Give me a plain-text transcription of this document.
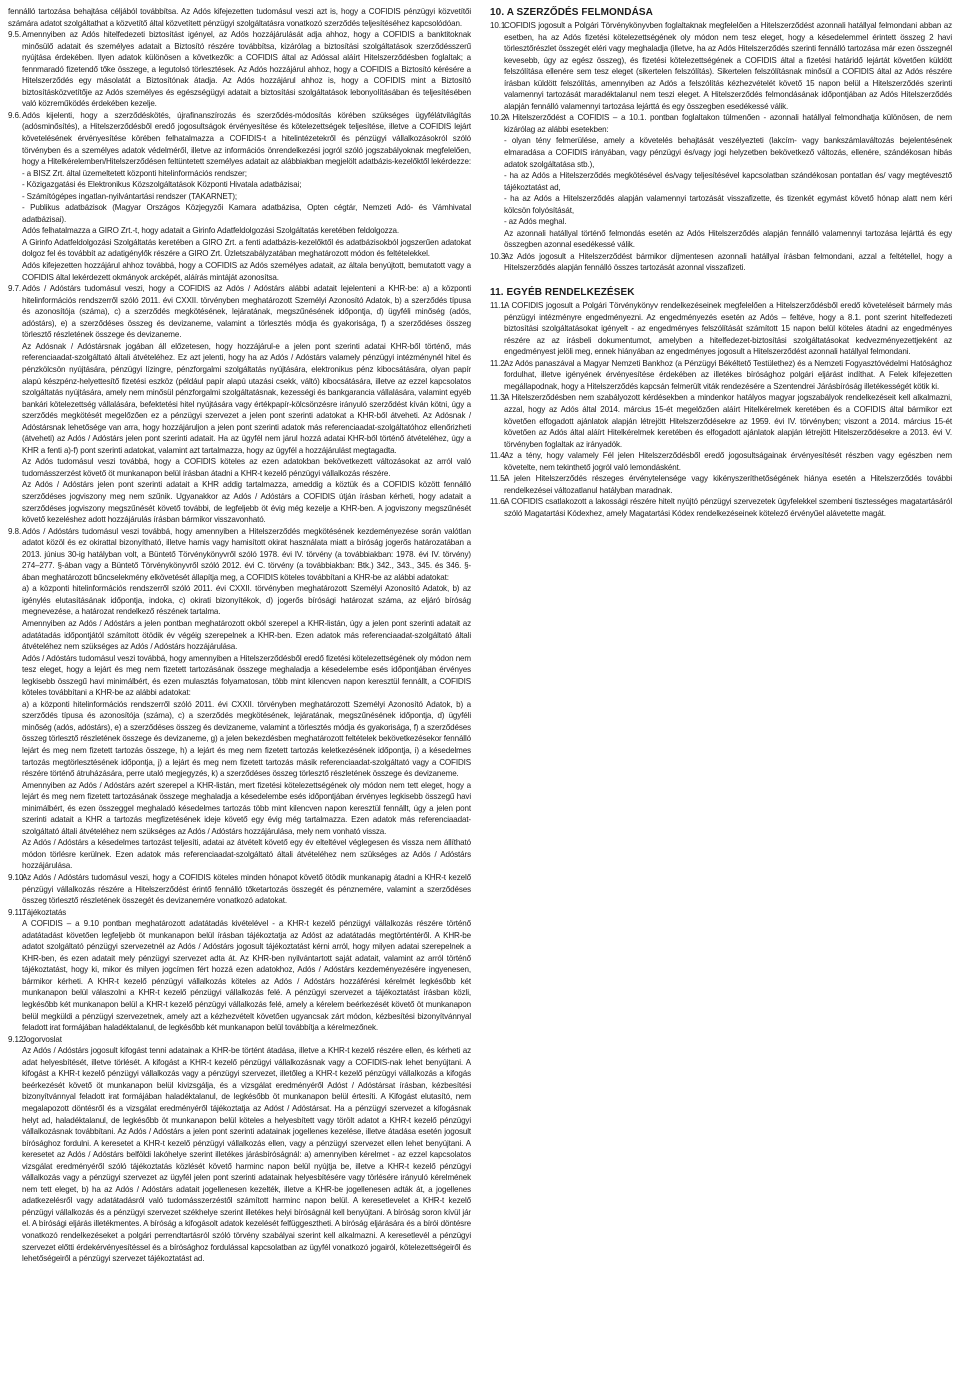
fennálló tartozása behajtása céljából továbbítsa. Az Adós kifejezetten tudomásul veszi azt is, hogy a COFIDIS pénzügyi közvetítői számára adatot szolgáltathat a közvetítő által közvetített pénzügyi szolgáltatásra vonatkozó szerződés teljesítéséhez kapcsolódóan.

9.5. Amennyiben az Adós hitelfedezeti biztosítást igényel, az Adós hozzájárulását adja ahhoz, hogy a COFIDIS a banktitoknak minősülő adatait és személyes adatait a Biztosító részére továbbítsa, kizárólag a biztosítási szolgáltatások szerződésszerű nyújtása érdekében. Ilyen adatok különösen a következők: a COFIDIS által az Adóssal aláírt Hitelszerződésben foglaltak; a fennmaradó fizetendő tőke összege, a legutolsó törlesztések. Az Adós hozzájárul ahhoz, hogy a COFIDIS a Biztosító kérésére a Hitelszerződés egy másolatát a Biztosítónak átadja. Az Adós hozzájárul ahhoz is, hogy a COFIDIS mint a Biztosító biztosításközvetítője az Adós személyes és egészségügyi adatait a biztosítási szolgáltatások lebonyolításában és teljesítésében való közreműködés érdekében kezelje.

9.6. Adós kijelenti, hogy a szerződéskötés, újrafinanszírozás és szerződés-módosítás körében szükséges ügyfélátvilágítás (adósminősítés), a Hitelszerződésből eredő jogosultságok érvényesítése és kötelezettségek teljesítése, illetve a COFIDIS lejárt követelésének érvényesítése körében felhatalmazza a COFIDIS-t a hitelintézetekről és pénzügyi vállalkozásokról szóló törvényben és a személyes adatok védelméről, illetve az információs önrendelkezési jogról szóló jogszabályoknak megfelelően, hogy a Hitelkérelemben/Hitelszerződésen feltüntetett személyes adatait az alábbiakban megjelölt adatbázis-kezelőktől lekérdezze:

- a BISZ Zrt. által üzemeltetett központi hitelinformációs rendszer;

- Közigazgatási és Elektronikus Közszolgáltatások Központi Hivatala adatbázisai;

- Számítógépes ingatlan-nyilvántartási rendszer (TAKARNET);

- Publikus adatbázisok (Magyar Országos Közjegyzői Kamara adatbázisa, Opten cégtár, Nemzeti Adó- és Vámhivatal adatbázisai).

Adós felhatalmazza a GIRO Zrt.-t, hogy adatait a Girinfo Adatfeldolgozási Szolgáltatás keretében feldolgozza.

A Girinfo Adatfeldolgozási Szolgáltatás keretében a GIRO Zrt. a fenti adatbázis-kezelőktől és adatbázisokból jogszerűen adatokat dolgoz fel és továbbít az adatigénylők részére a GIRO Zrt. Üzletszabályzatában meghatározott módon és feltételekkel.

Adós kifejezetten hozzájárul ahhoz továbbá, hogy a COFIDIS az Adós személyes adatait, az általa benyújtott, bemutatott vagy a COFIDIS által lekérdezett okmányok arcképét, aláírás mintáját azonosítsa.

9.7. Adós / Adóstárs tudomásul veszi, hogy a COFIDIS az Adós / Adóstárs alábbi adatait lejelenteni a KHR-be: a) a központi hitelinformációs rendszerről szóló 2011. évi CXXII. törvényben meghatározott Személyi Azonosító Adatok, b) a szerződés típusa és azonosítója (száma), c) a szerződés megkötésének, lejáratának, megszűnésének időpontja, d) ügyféli minőség (adós, adóstárs), e) a szerződéses összeg és devizaneme, valamint a törlesztés módja és gyakorisága, f) a szerződéses összeg törlesztő részletének összege és devizaneme.

Az Adósnak / Adóstársnak jogában áll előzetesen, hogy hozzájárul-e a jelen pont szerinti adatai KHR-ből történő, más referenciaadat-szolgáltató általi átvételéhez. Ez azt jelenti, hogy ha az Adós / Adóstárs valamely pénzügyi intézménynél hitel és pénzkölcsön nyújtására, pénzügyi lízingre, pénzforgalmi szolgáltatás nyújtására, elektronikus pénz kibocsátására, olyan papír alapú készpénz-helyettesítő fizetési eszköz (például papír alapú utazási csekk, váltó) kibocsátására, illetve az ezzel kapcsolatos szolgáltatás nyújtására, amely nem minősül pénzforgalmi szolgáltatásnak, kezességi és bankgarancia vállalására, valamint egyéb bankári kötelezettség vállalására, befektetési hitel nyújtására vagy értékpapír-kölcsönzésre irányuló szerződést kíván kötni, úgy a szerződés megkötését megelőzően ez a pénzügyi szervezet a jelen pont szerinti adatokat a KHR-ből átveheti. Az Adósnak / Adóstársnak lehetősége van arra, hogy hozzájáruljon a jelen pont szerinti adatok más referenciaadat-szolgáltatóhoz ellenőrizheti (átveheti) az Adós / Adóstárs jelen pont szerinti adatait. Ha az ügyfél nem járul hozzá adatai KHR-ből történő átvételéhez, úgy a KHR a fenti a)-f) pont szerinti adatokat, valamint azt tartalmazza, hogy az ügyfél a hozzájárulást megtagadta.

Az Adós tudomásul veszi továbbá, hogy a COFIDIS köteles az ezen adatokban bekövetkezett változásokat az arról való tudomásszerzést követő öt munkanapon belül írásban átadni a KHR-t kezelő pénzügyi vállalkozás részére.

Az Adós / Adóstárs jelen pont szerinti adatait a KHR addig tartalmazza, ameddig a köztük és a COFIDIS között fennálló szerződéses jogviszony meg nem szűnik. Ugyanakkor az Adós / Adóstárs a COFIDIS útján írásban kérheti, hogy adatait a szerződéses jogviszony megszűnését követő további, de legfeljebb öt évig még kezelje a KHR-ben. A jogviszony megszűnését követő kezeléshez adott hozzájárulás írásban bármikor visszavonható.

9.8. Adós / Adóstárs tudomásul veszi továbbá, hogy amennyiben a Hitelszerződés megkötésének kezdeményezése során valótlan adatot közöl és ez okirattal bizonyítható, illetve hamis vagy hamisított okirat használata miatt a bíróság jogerős határozatában a 2013. június 30-ig hatályban volt, a Büntető Törvénykönyvről szóló 1978. évi IV. törvény (a továbbiakban: 1978. évi IV. törvény) 274–277. §-ában vagy a Büntető Törvénykönyvről szóló 2012. évi C. törvény (a továbbiakban: Btk.) 342., 343., 345. és 346. §-ában meghatározott bűncselekmény elkövetését állapítja meg, a COFIDIS köteles továbbítani a KHR-be az alábbi adatokat:

a) a központi hitelinformációs rendszerről szóló 2011. évi CXXII. törvényben meghatározott Személyi Azonosító Adatok, b) az igénylés elutasításának időpontja, indoka, c) okirati bizonyítékok, d) jogerős bírósági határozat száma, az eljáró bíróság megnevezése, a határozat rendelkező részének tartalma.

Amennyiben az Adós / Adóstárs a jelen pontban meghatározott okból szerepel a KHR-listán, úgy a jelen pont szerinti adatait az adatátadás időpontjától számított ötödik év végéig szerepelnek a KHR-ben. Ezen adatok más referenciaadat-szolgáltató általi átvételéhez nem szükséges az Adós / Adóstárs hozzájárulása.

Adós / Adóstárs tudomásul veszi továbbá, hogy amennyiben a Hitelszerződésből eredő fizetési kötelezettségének oly módon nem tesz eleget, hogy a lejárt és meg nem fizetett tartozásának összege meghaladja a késedelembe esés időpontjában érvényes legkisebb összegű havi minimálbért, és ezen mulasztás folyamatosan, több mint kilencven napon keresztül fennállt, a COFIDIS köteles továbbítani a KHR-be az alábbi adatokat:

a) a központi hitelinformációs rendszerről szóló 2011. évi CXXII. törvényben meghatározott Személyi Azonosító Adatok, b) a szerződés típusa és azonosítója (száma), c) a szerződés megkötésének, lejáratának, megszűnésének időpontja, d) ügyféli minőség (adós, adóstárs), e) a szerződéses összeg és devizaneme, valamint a törlesztés módja és gyakorisága, f) a szerződéses összeg törlesztő részletének összege és devizaneme, g) a jelen bekezdésben meghatározott feltételek bekövetkezésekor fennálló lejárt és meg nem fizetett tartozás összege, h) a lejárt és meg nem fizetett tartozás keletkezésének időpontja, i) a késedelmes tartozás megtörlesztésének időpontja, j) a lejárt és meg nem fizetett tartozás másik referenciaadat-szolgáltató vagy a COFIDIS részére történő átruházására, perre utaló megjegyzés, k) a szerződéses összeg törlesztő részletének összege és devizaneme.

Amennyiben az Adós / Adóstárs azért szerepel a KHR-listán, mert fizetési kötelezettségének oly módon nem tett eleget, hogy a lejárt és meg nem fizetett tartozásának összege meghaladja a késedelembe esés időpontjában érvényes legkisebb összegű havi minimálbért, és ezen összeggel meghaladó késedelmes tartozás több mint kilencven napon keresztül fennállt, úgy a jelen pont szerinti adatait a KHR a tartozás megfizetésének ideje követő egy évig még tartalmazza. Ezen adatok más referenciaadat-szolgáltató általi átvételéhez nem szükséges az Adós / Adóstárs hozzájárulása, mely nem vonható vissza.

Az Adós / Adóstárs a késedelmes tartozást teljesíti, adatai az átvételt követő egy év elteltével véglegesen és vissza nem állítható módon törlésre kerülnek. Ezen adatok más referenciaadat-szolgáltató általi átvételéhez nem szükséges az Adós / Adóstárs hozzájárulása.

9.10.

Az Adós / Adóstárs tudomásul veszi, hogy a COFIDIS köteles minden hónapot követő ötödik munkanapig átadni a KHR-t kezelő pénzügyi vállalkozás részére a Hitelszerződést érintő fennálló tőketartozás összegét és pénznemére, valamint a szerződéses összeg törlesztő részletének összegét és devizanemére vonatkozó adatokat.

9.11.

Tájékoztatás

A COFIDIS – a 9.10 pontban meghatározott adatátadás kivételével - a KHR-t kezelő pénzügyi vállalkozás részére történő adatátadást követően legfeljebb öt munkanapon belül írásban tájékoztatja az Adóst az adatátadás megtörténtéről. A KHR-be adatot szolgáltató pénzügyi szervezetnél az Adós / Adóstárs jogosult tájékoztatást kérni arról, hogy milyen adatai szerepelnek a KHR-ben, és ezen adatait mely pénzügyi szervezet adta át. Az KHR-ben nyilvántartott saját adatait, valamint az arról történő tájékoztatást, hogy ki, mikor és milyen jogcímen fért hozzá ezen adatokhoz, Adós / Adóstárs kezdeményezésére ingyenesen, bármikor kérheti. A KHR-t kezelő pénzügyi vállalkozás köteles az Adós / Adóstárs hozzáférési kérelmét legkésőbb két munkanapon belül válaszolni a KHR-t kezelő pénzügyi vállalkozás felé. A pénzügyi szervezet a tájékoztatást írásban közli, legkésőbb két munkanapon belül a KHR-t kezelő pénzügyi vállalkozás felé, amely a kérelem beérkezését követő öt munkanapon belül megküldi a pénzügyi szervezetnek, amely azt a kézhezvételt követően ugyancsak zárt módon, kézbesítési bizonyítvánnyal feladott irat formájában haladéktalanul, de legkésőbb két munkanapon belül továbbítja a kérelmezőnek.

9.12.

Jogorvoslat

Az Adós / Adóstárs jogosult kifogást tenni adatainak a KHR-be történt átadása, illetve a KHR-t kezelő részére ellen, és kérheti az adat helyesbítését, illetve törlését. A kifogást a KHR-t kezelő pénzügyi vállalkozásnak vagy a COFIDIS-nak lehet benyújtani. A kifogást a KHR-t kezelő pénzügyi vállalkozás vagy a pénzügyi szervezet, illetőleg a KHR-t kezelő pénzügyi vállalkozás a kifogás beérkezését követő öt munkanapon belül kivizsgálja, és a vizsgálat eredményéről Adóst / Adóstársat írásban, kézbesítési bizonyítvánnyal feladott irat formájában haladéktalanul, de legkésőbb öt munkanapon belül értesíti. A Kifogást elutasító, nem megalapozott döntésről és a vizsgálat eredményéről tájékoztatja az Adóst / Adóstársat. Ha a pénzügyi szervezet a kifogásnak helyt ad, haladéktalanul, de legkésőbb öt munkanapon belül köteles a helyesbített vagy törölt adatot a KHR-t kezelő pénzügyi vállalkozásnak továbbítani. Az Adós / Adóstárs a jelen pont szerinti adatainak jogellenes kezelése, illetve átadása esetén jogosult bírósághoz fordulni. A keresetet a KHR-t kezelő pénzügyi vállalkozás ellen, vagy a pénzügyi szervezet ellen lehet benyújtani. A keresetet az Adós / Adóstárs belföldi lakóhelye szerint illetékes járásbíróságnál: a) amennyiben kérelmet - az ezzel kapcsolatos vizsgálat eredményéről szóló tájékoztatás közlését követő harminc napon belül nyújtja be, illetve a KHR-t kezelő pénzügyi vállalkozás vagy a pénzügyi szervezet az ügyfél jelen pont szerinti adatainak helyesbítésére vagy törlésére irányuló kérelmének nem tett eleget, b) ha az Adós / Adóstárs adatait jogellenesen kezelték, illetve a KHR-be jogellenesen adták át, a jogellenes adatkezelésről vagy adatátadásról való tudomásszerzéstől számított harminc napon belül. A keresetlevelet a KHR-t kezelő pénzügyi vállalkozás és a pénzügyi szervezet székhelye szerint illetékes helyi bíróságnál kell benyújtani. A bíróság soron kívül jár el. A bírósági eljárás illetékmentes. A bíróság a kifogásolt adatok kezelését felfüggesztheti. A bíróság eljárására és a bírói döntésre vonatkozó rendelkezéseket a polgári perrendtartásról szóló törvény szabályai szerint kell alkalmazni. A keresetlevél a pénzügyi szervezet előtti érdekérvényesítéssel és a bírósághoz fordulással kapcsolatban az ügyfél vonatkozó jogairól, kötelezettségeiről és lehetőségeiről a pénzügyi szervezet tájékoztatást ad.

10. A SZERZŐDÉS FELMONDÁSA
10.1.

COFIDIS jogosult a Polgári Törvénykönyvben foglaltaknak megfelelően a Hitelszerződést azonnali hatállyal felmondani abban az esetben, ha az Adós fizetési kötelezettségének oly módon nem tesz eleget, hogy a késedelemmel érintett összeg 2 havi törlesztőrészlet összegét eléri vagy meghaladja (illetve, ha az Adós Hitelszerződés szerinti fennálló tartozása már ezen összegnél kevesebb, úgy az egész összeg), és fizetési kötelezettségének a COFIDIS által a fizetési határidő lejártát követően küldött felszólítása ellenére sem tesz eleget (sikertelen felszólítás). Sikertelen felszólításnak minősül a COFIDIS által az Adós részére írásban küldött felszólítás, amennyiben az Adós a felszólítás kézhezvételét követő 15 napon belül a Hitelszerződés szerinti valamennyi tartozását maradéktalanul nem teszi eleget. A Hitelszerződés felmondásának időpontjában az Adós Hitelszerződés alapján fennálló valamennyi tartozása lejárttá és egy összegben esedékessé válik.

10.2.

A Hitelszerződést a COFIDIS – a 10.1. pontban foglaltakon túlmenően - azonnali hatállyal felmondhatja különösen, de nem kizárólag az alábbi esetekben:

- olyan tény felmerülése, amely a követelés behajtását veszélyezteti (lakcím- vagy bankszámlaváltozás bejelentésének elmaradása a COFIDIS irányában, vagy pénzügyi és/vagy jogi helyzetben bekövetkező változás, ellenére, szándékosan hibás adatok szolgáltatása stb.),

- ha az Adós a Hitelszerződés megkötésével és/vagy teljesítésével kapcsolatban szándékosan pontatlan és/ vagy megtévesztő tájékoztatást ad,

- ha az Adós a Hitelszerződés alapján valamennyi tartozását visszafizette, és tizenkét egymást követő hónap alatt nem kéri kölcsön folyósítását,

- az Adós meghal.

Az azonnali hatállyal történő felmondás esetén az Adós Hitelszerződés alapján fennálló valamennyi tartozása lejárttá és egy összegben azonnal esedékessé válik.

10.3.

Az Adós jogosult a Hitelszerződést bármikor díjmentesen azonnali hatállyal írásban felmondani, azzal a feltétellel, hogy a Hitelszerződés alapján fennálló összes tartozását azonnal visszafizeti.

11. EGYÉB RENDELKEZÉSEK
11.1.

A COFIDIS jogosult a Polgári Törvénykönyv rendelkezéseinek megfelelően a Hitelszerződésből eredő követeléseit bármely más pénzügyi intézményre engedményezni. Az engedményezés esetén az Adós – feltéve, hogy a 8.1. pont szerint hitelfedezeti biztosítási szolgáltatásokat igényelt - az engedményes felszólítását számított 15 napon belül köteles átadni az engedményes részére az az írásbeli dokumentumot, amelyben a hitelfedezet-biztosítási szolgáltatásokat kedvezményezettjeként az engedményest jelöli meg, ennek hiányában az engedményes jogosult a Hitelszerződést azonnali hatállyal felmondani.

11.2.

Az Adós panaszával a Magyar Nemzeti Bankhoz (a Pénzügyi Békéltető Testülethez) és a Nemzeti Fogyasztóvédelmi Hatósághoz fordulhat, illetve igényének érvényesítése érdekében az illetékes bírósághoz polgári eljárást indíthat. A Felek kifejezetten megállapodnak, hogy a Hitelszerződés kapcsán felmerült viták rendezésére a Szentendrei Járásbíróság illetékességét kötik ki.

11.3.

A Hitelszerződésben nem szabályozott kérdésekben a mindenkor hatályos magyar jogszabályok rendelkezéseit kell alkalmazni, azzal, hogy az Adós által 2014. március 15-ét megelőzően aláírt Hitelkérelmek keretében és a COFIDIS által bármikor ezt követően elfogadott ajánlatok alapján létrejött Hitelszerződésekre az 1959. évi IV. törvényben; viszont a 2014. március 15-ét követően az Adós által aláírt Hitelkérelmek keretében és elfogadott ajánlatok alapján létrejött Hitelszerződésekre a 2013. évi V. törvényben foglaltak az irányadók.

11.4.

Az a tény, hogy valamely Fél jelen Hitelszerződésből eredő jogosultságainak érvényesítését részben vagy egészben nem követelte, nem tekinthető jogról való lemondásként.

11.5.

A jelen Hitelszerződés részeges érvénytelensége vagy kikényszeríthetőségének hiánya esetén a Hitelszerződés további rendelkezései változatlanul hatályban maradnak.

11.6.

A COFIDIS csatlakozott a lakossági részére hitelt nyújtó pénzügyi szervezetek ügyfelekkel szembeni tisztességes magatartásáról szóló Magatartási Kódexhez, amely Magatartási Kódex rendelkezéseinek kötelező érvényűel alávetette magát.
